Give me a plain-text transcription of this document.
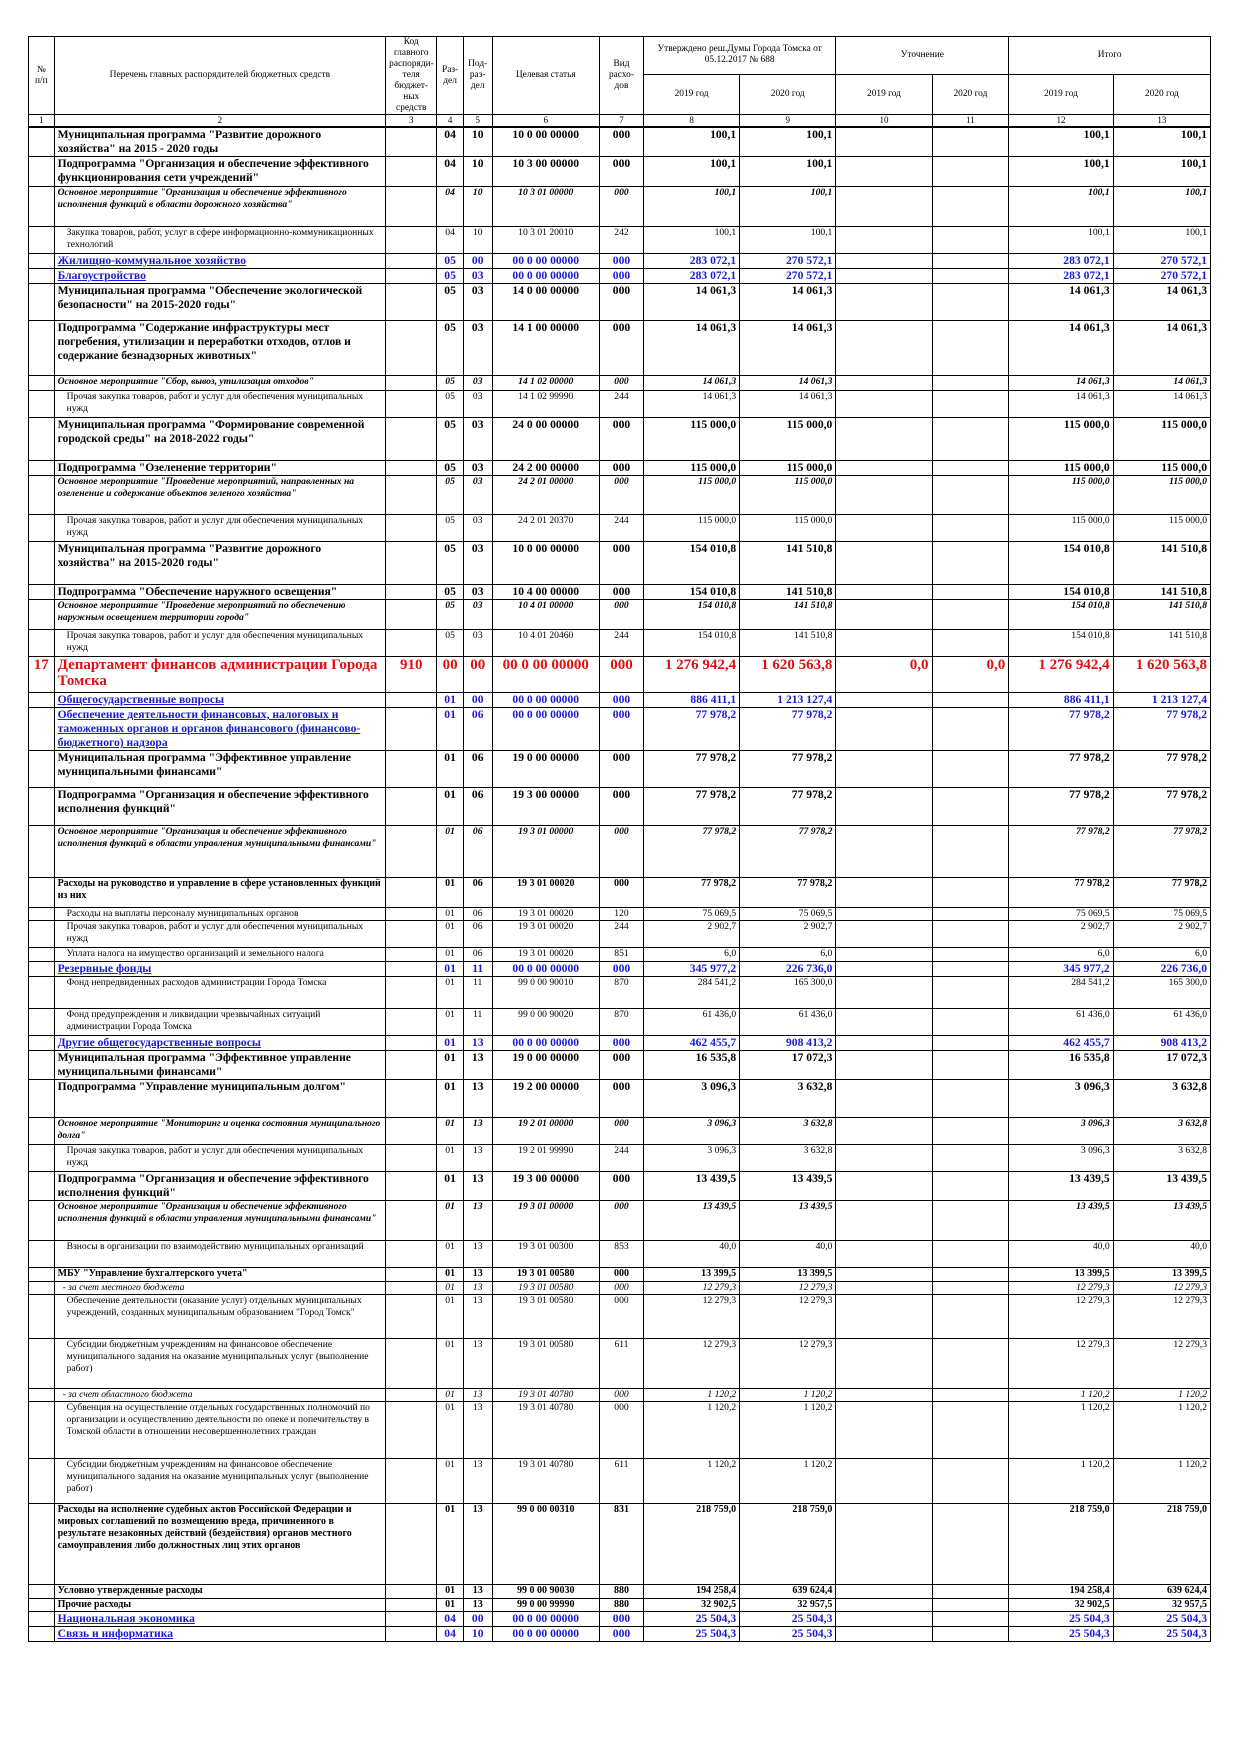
№ п/п	Перечень главных распорядителей бюджетных средств	Код главного распоряди-теля бюджет-ных средств	Раз-дел	Под-раз-дел	Целевая статья	Вид расхо-дов	Утверждено реш.Думы Города Томска от 05.12.2017 № 688		Уточнение		Итого	
							2019 год	2020 год	2019 год	2020 год	2019 год	2020 год
1	2	3	4	5	6	7	8	9	10	11	12	13
	Муниципальная программа "Развитие дорожного хозяйства" на 2015 - 2020 годы		04	10	10 0 00 00000	000	100,1	100,1			100,1	100,1
	Подпрограмма "Организация и обеспечение эффективного функционирования сети учреждений"		04	10	10 3 00 00000	000	100,1	100,1			100,1	100,1
	Основное мероприятие "Организация и обеспечение эффективного исполнения функций в области дорожного хозяйства"		04	10	10 3 01 00000	000	100,1	100,1			100,1	100,1
	Закупка товаров, работ, услуг в сфере информационно-коммуникационных технологий		04	10	10 3 01 20010	242	100,1	100,1			100,1	100,1
	Жилищно-коммунальное хозяйство		05	00	00 0 00 00000	000	283 072,1	270 572,1			283 072,1	270 572,1
	Благоустройство		05	03	00 0 00 00000	000	283 072,1	270 572,1			283 072,1	270 572,1
	Муниципальная программа "Обеспечение экологической безопасности" на 2015-2020 годы"		05	03	14 0 00 00000	000	14 061,3	14 061,3			14 061,3	14 061,3
	Подпрограмма "Содержание инфраструктуры мест погребения, утилизации и переработки отходов, отлов и содержание безнадзорных животных"		05	03	14 1 00 00000	000	14 061,3	14 061,3			14 061,3	14 061,3
	Основное мероприятие "Сбор, вывоз, утилизация отходов"		05	03	14 1 02 00000	000	14 061,3	14 061,3			14 061,3	14 061,3
	Прочая закупка товаров, работ и услуг для обеспечения муниципальных нужд		05	03	14 1 02 99990	244	14 061,3	14 061,3			14 061,3	14 061,3
	Муниципальная программа "Формирование современной городской среды" на 2018-2022 годы"		05	03	24 0 00 00000	000	115 000,0	115 000,0			115 000,0	115 000,0
	Подпрограмма "Озеленение территории"		05	03	24 2 00 00000	000	115 000,0	115 000,0			115 000,0	115 000,0
	Основное мероприятие "Проведение мероприятий, направленных на озеленение и содержание объектов зеленого хозяйства"		05	03	24 2 01 00000	000	115 000,0	115 000,0			115 000,0	115 000,0
	Прочая закупка товаров, работ и услуг для обеспечения муниципальных нужд		05	03	24 2 01 20370	244	115 000,0	115 000,0			115 000,0	115 000,0
	Муниципальная программа "Развитие дорожного хозяйства" на 2015-2020 годы"		05	03	10 0 00 00000	000	154 010,8	141 510,8			154 010,8	141 510,8
	Подпрограмма "Обеспечение наружного освещения"		05	03	10 4 00 00000	000	154 010,8	141 510,8			154 010,8	141 510,8
	Основное мероприятие "Проведение мероприятий по обеспечению наружным освещением территории города"		05	03	10 4 01 00000	000	154 010,8	141 510,8			154 010,8	141 510,8
	Прочая закупка товаров, работ и услуг для обеспечения муниципальных нужд		05	03	10 4 01 20460	244	154 010,8	141 510,8			154 010,8	141 510,8
17	Департамент финансов администрации Города Томска	910	00	00	00 0 00 00000	000	1 276 942,4	1 620 563,8	0,0	0,0	1 276 942,4	1 620 563,8
	Общегосударственные вопросы		01	00	00 0 00 00000	000	886 411,1	1 213 127,4			886 411,1	1 213 127,4
	Обеспечение деятельности финансовых, налоговых и таможенных органов и органов финансового (финансово-бюджетного) надзора		01	06	00 0 00 00000	000	77 978,2	77 978,2			77 978,2	77 978,2
	Муниципальная программа "Эффективное управление муниципальными финансами"		01	06	19 0 00 00000	000	77 978,2	77 978,2			77 978,2	77 978,2
	Подпрограмма "Организация и обеспечение эффективного исполнения функций"		01	06	19 3 00 00000	000	77 978,2	77 978,2			77 978,2	77 978,2
	Основное мероприятие "Организация и обеспечение эффективного исполнения функций в области управления муниципальными финансами"		01	06	19 3 01 00000	000	77 978,2	77 978,2			77 978,2	77 978,2
	Расходы на руководство и управление в сфере установленных функций из них		01	06	19 3 01 00020	000	77 978,2	77 978,2			77 978,2	77 978,2
	Расходы на выплаты персоналу муниципальных органов		01	06	19 3 01 00020	120	75 069,5	75 069,5			75 069,5	75 069,5
	Прочая закупка товаров, работ и услуг для обеспечения муниципальных нужд		01	06	19 3 01 00020	244	2 902,7	2 902,7			2 902,7	2 902,7
	Уплата налога на имущество организаций и земельного налога		01	06	19 3 01 00020	851	6,0	6,0			6,0	6,0
	Резервные фонды		01	11	00 0 00 00000	000	345 977,2	226 736,0			345 977,2	226 736,0
	Фонд непредвиденных расходов администрации Города Томска		01	11	99 0 00 90010	870	284 541,2	165 300,0			284 541,2	165 300,0
	Фонд предупреждения и ликвидации чрезвычайных ситуаций администрации Города Томска		01	11	99 0 00 90020	870	61 436,0	61 436,0			61 436,0	61 436,0
	Другие общегосударственные вопросы		01	13	00 0 00 00000	000	462 455,7	908 413,2			462 455,7	908 413,2
	Муниципальная программа "Эффективное управление муниципальными финансами"		01	13	19 0 00 00000	000	16 535,8	17 072,3			16 535,8	17 072,3
	Подпрограмма "Управление муниципальным долгом"		01	13	19 2 00 00000	000	3 096,3	3 632,8			3 096,3	3 632,8
	Основное мероприятие "Мониторинг и оценка состояния муниципального долга"		01	13	19 2 01 00000	000	3 096,3	3 632,8			3 096,3	3 632,8
	Прочая закупка товаров, работ и услуг для обеспечения муниципальных нужд		01	13	19 2 01 99990	244	3 096,3	3 632,8			3 096,3	3 632,8
	Подпрограмма "Организация и обеспечение эффективного исполнения функций"		01	13	19 3 00 00000	000	13 439,5	13 439,5			13 439,5	13 439,5
	Основное мероприятие "Организация и обеспечение эффективного исполнения функций в области управления муниципальными финансами"		01	13	19 3 01 00000	000	13 439,5	13 439,5			13 439,5	13 439,5
	Взносы в организации по взаимодействию муниципальных организаций		01	13	19 3 01 00300	853	40,0	40,0			40,0	40,0
	МБУ "Управление бухгалтерского учета"		01	13	19 3 01 00580	000	13 399,5	13 399,5			13 399,5	13 399,5
	- за счет местного бюджета		01	13	19 3 01 00580	000	12 279,3	12 279,3			12 279,3	12 279,3
	Обеспечение деятельности (оказание услуг) отдельных муниципальных учреждений, созданных муниципальным образованием "Город Томск"		01	13	19 3 01 00580	000	12 279,3	12 279,3			12 279,3	12 279,3
	Субсидии бюджетным учреждениям на финансовое обеспечение муниципального задания на оказание муниципальных услуг (выполнение работ)		01	13	19 3 01 00580	611	12 279,3	12 279,3			12 279,3	12 279,3
	- за счет областного бюджета		01	13	19 3 01 40780	000	1 120,2	1 120,2			1 120,2	1 120,2
	Субвенция на осуществление отдельных государственных полномочий по организации и осуществлению деятельности по опеке и попечительству в Томской области в отношении несовершеннолетних граждан		01	13	19 3 01 40780	000	1 120,2	1 120,2			1 120,2	1 120,2
	Субсидии бюджетным учреждениям на финансовое обеспечение муниципального задания на оказание муниципальных услуг (выполнение работ)		01	13	19 3 01 40780	611	1 120,2	1 120,2			1 120,2	1 120,2
	Расходы на исполнение судебных актов Российской Федерации и мировых соглашений по возмещению вреда, причиненного в результате незаконных действий (бездействия) органов местного самоуправления либо должностных лиц этих органов		01	13	99 0 00 00310	831	218 759,0	218 759,0			218 759,0	218 759,0
	Условно утвержденные расходы		01	13	99 0 00 90030	880	194 258,4	639 624,4			194 258,4	639 624,4
	Прочие расходы		01	13	99 0 00 99990	880	32 902,5	32 957,5			32 902,5	32 957,5
	Национальная экономика		04	00	00 0 00 00000	000	25 504,3	25 504,3			25 504,3	25 504,3
	Связь и информатика		04	10	00 0 00 00000	000	25 504,3	25 504,3			25 504,3	25 504,3
